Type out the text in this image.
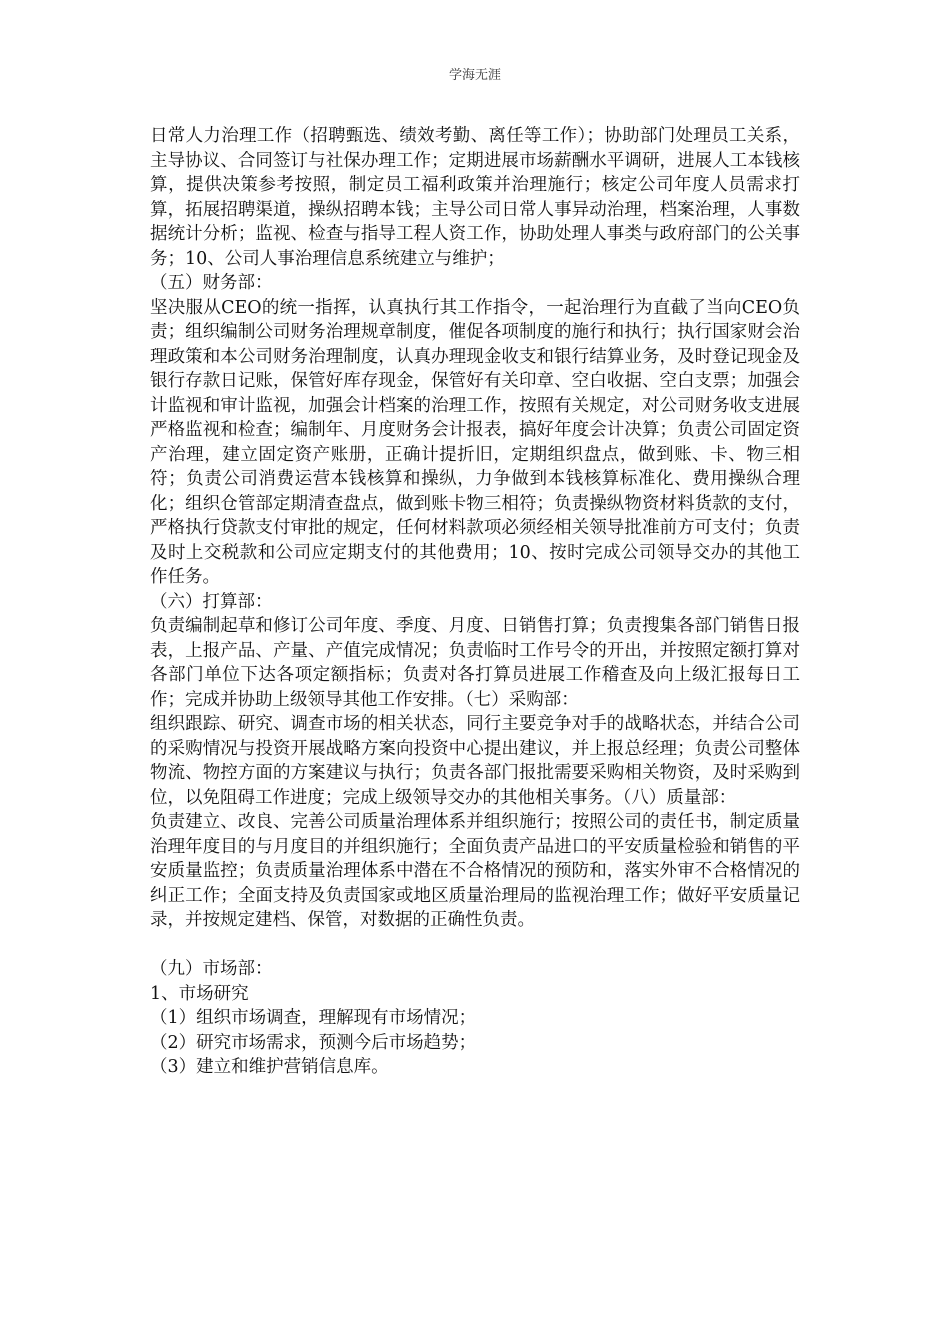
学海无涯

日常人力治理工作（招聘甄选、绩效考勤、离任等工作）；协助部门处理员工关系，主导协议、合同签订与社保办理工作；定期进展市场薪酬水平调研，进展人工本钱核算，提供决策参考按照，制定员工福利政策并治理施行；核定公司年度人员需求打算，拓展招聘渠道，操纵招聘本钱；主导公司日常人事异动治理，档案治理，人事数据统计分析；监视、检查与指导工程人资工作，协助处理人事类与政府部门的公关事务；10、公司人事治理信息系统建立与维护；

（五）财务部：

坚决服从CEO的统一指挥，认真执行其工作指令，一起治理行为直截了当向CEO负责；组织编制公司财务治理规章制度，催促各项制度的施行和执行；执行国家财会治理政策和本公司财务治理制度，认真办理现金收支和银行结算业务，及时登记现金及银行存款日记账，保管好库存现金，保管好有关印章、空白收据、空白支票；加强会计监视和审计监视，加强会计档案的治理工作，按照有关规定，对公司财务收支进展严格监视和检查；编制年、月度财务会计报表，搞好年度会计决算；负责公司固定资产治理，建立固定资产账册，正确计提折旧，定期组织盘点，做到账、卡、物三相符；负责公司消费运营本钱核算和操纵，力争做到本钱核算标准化、费用操纵合理化；组织仓管部定期清查盘点，做到账卡物三相符；负责操纵物资材料货款的支付，严格执行贷款支付审批的规定，任何材料款项必须经相关领导批准前方可支付；负责及时上交税款和公司应定期支付的其他费用；10、按时完成公司领导交办的其他工作任务。

（六）打算部：

负责编制起草和修订公司年度、季度、月度、日销售打算；负责搜集各部门销售日报表，上报产品、产量、产值完成情况；负责临时工作号令的开出，并按照定额打算对各部门单位下达各项定额指标；负责对各打算员进展工作稽查及向上级汇报每日工作；完成并协助上级领导其他工作安排。（七）采购部：

组织跟踪、研究、调查市场的相关状态，同行主要竞争对手的战略状态，并结合公司的采购情况与投资开展战略方案向投资中心提出建议，并上报总经理；负责公司整体物流、物控方面的方案建议与执行；负责各部门报批需要采购相关物资，及时采购到位，以免阻碍工作进度；完成上级领导交办的其他相关事务。（八）质量部：

负责建立、改良、完善公司质量治理体系并组织施行；按照公司的责任书，制定质量治理年度目的与月度目的并组织施行；全面负责产品进口的平安质量检验和销售的平安质量监控；负责质量治理体系中潜在不合格情况的预防和，落实外审不合格情况的纠正工作；全面支持及负责国家或地区质量治理局的监视治理工作；做好平安质量记录，并按规定建档、保管，对数据的正确性负责。

（九）市场部：

1、市场研究

（1）组织市场调查，理解现有市场情况；

（2）研究市场需求，预测今后市场趋势；

（3）建立和维护营销信息库。
